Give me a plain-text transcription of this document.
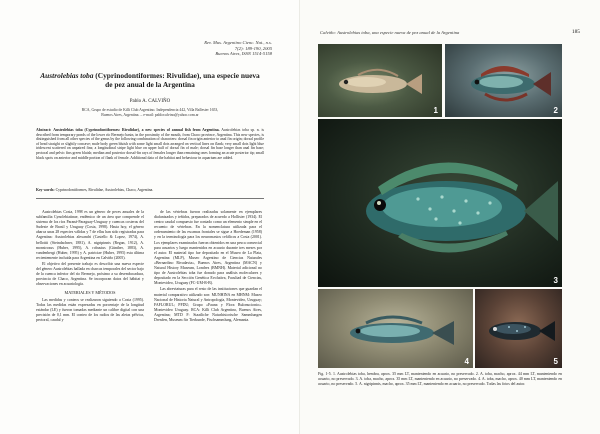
Rev. Mus. Argentino Cienc. Nat., n.s.
7(2): 189-190, 2005
Buenos Aires, ISSN 1514-5158
Austrolebias toba (Cyprinodontiformes: Rivulidae), una especie nueva de pez anual de la Argentina
Pablo A. CALVIÑO
RCA, Grupo de estudio de Killi Club Argentino. Independencia 442, Villa Ballester 1653,
Buenos Aires, Argentina. – e-mail: pablocalvino@yahoo.com.ar
Abstract: Austrolebias toba (Cyprinodontiformes: Rivulidae), a new species of annual fish from Argentina. Austrolebias toba sp. n. is described from temporary ponds of the lower río Bermejo basin, in the proximity of the mouth, from Chaco province, Argentina. This new species, is distinguished from all other species of the genus by the following combination of characters: dorsal fin origin anterior to anal fin origin; dorsal profile of head straight or slightly concave; male body green bluish with some light small dots arranged on vertical lines on flank; very small dots light blue iridescent scattered on unpaired fins; a longitudinal stripe light blue on upper half of dorsal fin of male; dorsal fin base longer than anal fin base; pectoral and pelvic fins green bluish; median and posterior dorsal-fin rays of females longer than remaining ones forming an acute posterior tip; small black spots on anterior and middle portion of flank of female. Additional data of the habitat and behaviour in aquarium are added.
Key words: Cyprinodontiformes, Rivulidae, Austrolebias, Chaco, Argentina.

Austrolebias Costa, 1998 es un género de peces anuales de la subfamilia Cynolebiatinae, endémico de un área que comprende el sistema de los ríos Paraná-Paraguay-Uruguay y cuencas costeras del Sudeste de Brasil y Uruguay (Costa, 1998). Hasta hoy, el género abarca unas 28 especies válidas y 7 de ellas han sido registradas para Argentina: Austrolebias alexandri (Castello & Lopez, 1974), A. bellottii (Steindachner, 1881), A. nigripinnis (Regan, 1912), A. monstrosus (Huber, 1995), A. robustus (Günther, 1883), A. vandenbergi (Huber, 1995) y A. patriciae (Huber, 1995) esta última recientemente incluida para Argentina en Calviño (2005).

El objetivo del presente trabajo es describir una nueva especie del género Austrolebias hallada en charcas temporales del sector bajo de la cuenca inferior del río Bermejo, próximo a su desembocadura, provincia de Chaco, Argentina. Se incorporan datos del hábitat y observaciones en acuariología.

MATERIALES Y MÉTODOS

Las medidas y conteos se realizaron siguiendo a Costa (1995). Todas las medidas están expresadas en porcentaje de la longitud estándar (LE) y fueron tomadas mediante un calibre digital con una precisión de 0,1 mm. El conteo de los radios de las aletas pélvica, pectoral, caudal y

de las vértebras fueron realizadas solamente en ejemplares diafanizados y teñidos, preparados de acuerdo a Hollister (1934). El centro caudal compuesto fue contado como un elemento simple en el recuento de vértebras. En la nomenclatura utilizada para el ordenamiento de las escamas frontales se sigue a Hoedeman (1958) y en la terminología para los neuromastos cefálicos a Costa (2001). Los ejemplares examinados fueron obtenidos en una pesca comercial para acuarios y luego mantenidos en acuario durante tres meses por el autor. El material tipo fue depositado en el Museo de La Plata, Argentina (MLP), Museo Argentino de Ciencias Naturales «Bernardino Rivadavia», Buenos Aires, Argentina (MACN) y Natural History Museum, Londres (BMNH). Material adicional no tipo de Austrolebias toba fue donado para análisis moleculares y depositado en la Sección Genética Evolutiva, Facultad de Ciencias, Montevideo, Uruguay (FC-UM-R-B).

Las abreviaturas para el resto de las instituciones que guardan el material comparativo utilizado son: MUNHINA en MHNM: Museo Nacional de Historia Natural y Antropología, Montevideo, Uruguay; FAFLORUL; PFDU; Grupo «Fauna y Flora Bulonucionio». Montevideo Uruguay. RCA: Killi Club Argentino, Buenos Aires, Argentina; MTD F: Staatliche Naturhistorische Sammlungen Dresden, Museum für Tierkunde, Fischsammlung, Alemania.

Calviño: Austrolebias toba, una especie nueva de pez anual de la Argentina	185
1	2
3
4	5
Fig. 1-5. 1. Austrolebias toba, hembra, aprox. 35 mm LT, manteniendo en acuario, no preservado. 2. A. toba, macho, aprox. 44 mm LT, manteniendo en acuario, no preservado. 3. A. toba, macho, aprox. 35 mm LT, manteniendo en acuario, no preservado. 4. A. toba, macho, aprox. 40 mm LT, manteniendo en acuario, no preservado. 5. A. nigripinnis, macho, aprox. 35 mm LT, manteniendo en acuario, no preservado. Todas las fotos del autor.
